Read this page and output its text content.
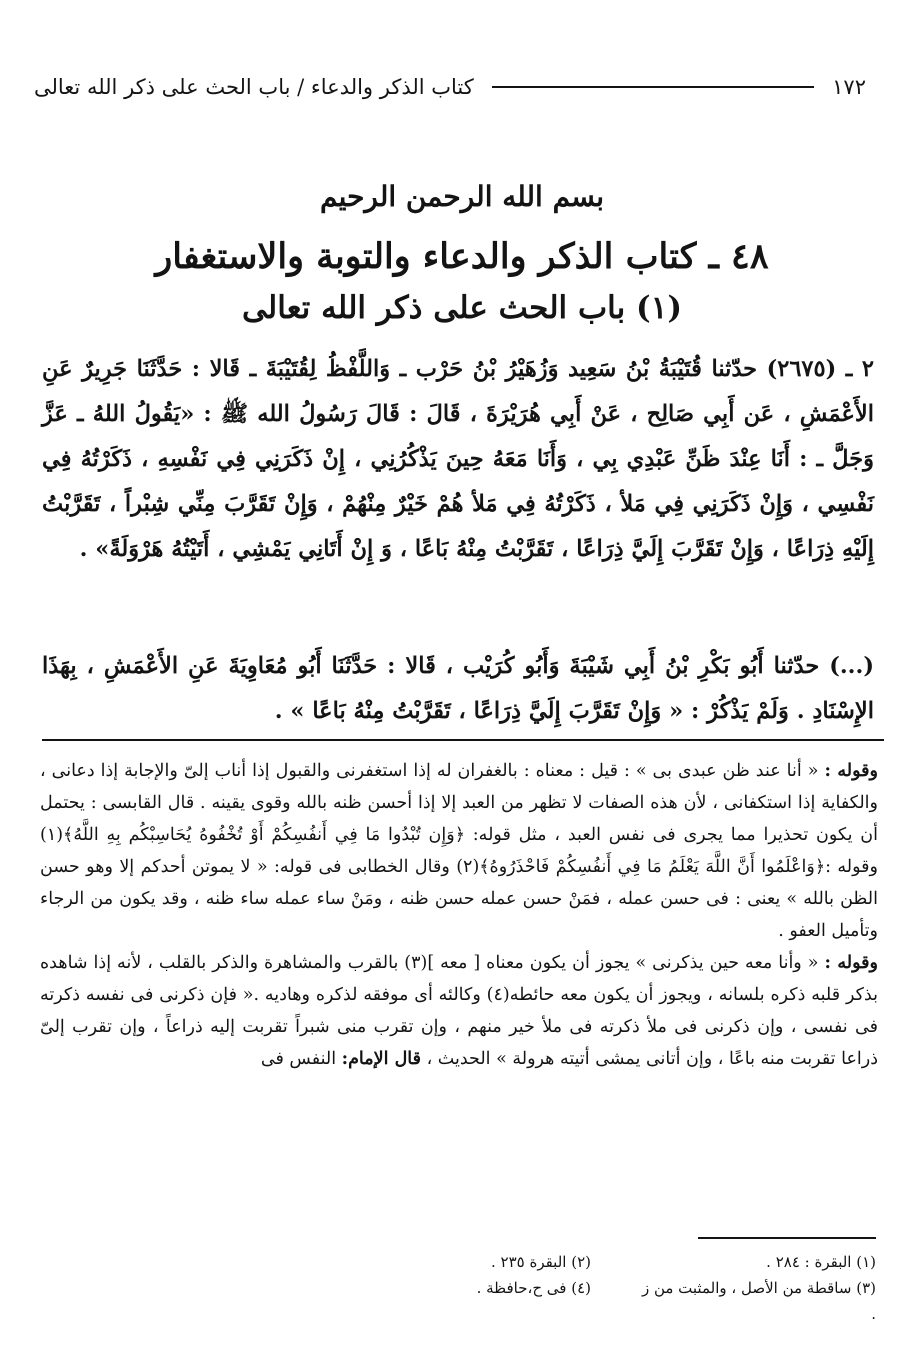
١٧٢
كتاب الذكر والدعاء / باب الحث على ذكر الله تعالى
بسم الله الرحمن الرحيم
٤٨ ـ كتاب الذكر والدعاء والتوبة والاستغفار
(١) باب الحث على ذكر الله تعالى

٢ ـ (٢٦٧٥) حدّثنا قُتَيْبَةُ بْنُ سَعِيد وَزُهَيْرُ بْنُ حَرْب ـ وَاللَّفْظُ لِقُتَيْبَةَ ـ قَالا : حَدَّثَنَا جَرِيرٌ عَنِ الأَعْمَشِ ، عَن أَبِي صَالِح ، عَنْ أَبِي هُرَيْرَةَ ، قَالَ : قَالَ رَسُولُ الله ﷺ : «يَقُولُ اللهُ ـ عَزَّ وَجَلَّ ـ : أَنَا عِنْدَ ظَنِّ عَبْدِي بِي ، وَأَنَا مَعَهُ حِينَ يَذْكُرُنِي ، إِنْ ذَكَرَنِي فِي نَفْسِهِ ، ذَكَرْتُهُ فِي نَفْسِي ، وَإِنْ ذَكَرَنِي فِي مَلأ ، ذَكَرْتُهُ فِي مَلأ هُمْ خَيْرٌ مِنْهُمْ ، وَإِنْ تَقَرَّبَ مِنِّي شِبْراً ، تَقَرَّبْتُ إِلَيْهِ ذِرَاعًا ، وَإِنْ تَقَرَّبَ إِلَيَّ ذِرَاعًا ، تَقَرَّبْتُ مِنْهُ بَاعًا ، وَ إِنْ أَتَانِي يَمْشِي ، أَتَيْتُهُ هَرْوَلَةً» .

(...) حدّثنا أَبُو بَكْرِ بْنُ أَبِي شَيْبَةَ وَأَبُو كُرَيْب ، قَالا : حَدَّثَنَا أَبُو مُعَاوِيَةَ عَنِ الأَعْمَشِ ، بِهَذَا الإِسْنَادِ . وَلَمْ يَذْكُرْ : « وَإِنْ تَقَرَّبَ إِلَيَّ ذِرَاعًا ، تَقَرَّبْتُ مِنْهُ بَاعًا » .

وقوله : « أنا عند ظن عبدى بى » : قيل : معناه : بالغفران له إذا استغفرنى والقبول إذا أناب إلىّ والإجابة إذا دعانى ، والكفاية إذا استكفانى ، لأن هذه الصفات لا تظهر من العبد إلا إذا أحسن ظنه بالله وقوى يقينه . قال القابسى : يحتمل أن يكون تحذيرا مما يجرى فى نفس العبد ، مثل قوله: ﴿وَإِن تُبْدُوا مَا فِي أَنفُسِكُمْ أَوْ تُخْفُوهُ يُحَاسِبْكُم بِهِ اللَّهُ﴾(١) وقوله :﴿وَاعْلَمُوا أَنَّ اللَّهَ يَعْلَمُ مَا فِي أَنفُسِكُمْ فَاحْذَرُوهُ﴾(٢) وقال الخطابى فى قوله: « لا يموتن أحدكم إلا وهو حسن الظن بالله » يعنى : فى حسن عمله ، فمَنْ حسن عمله حسن ظنه ، ومَنْ ساء عمله ساء ظنه ، وقد يكون من الرجاء وتأميل العفو .

وقوله : « وأنا معه حين يذكرنى » يجوز أن يكون معناه [ معه ](٣) بالقرب والمشاهرة والذكر بالقلب ، لأنه إذا شاهده بذكر قلبه ذكره بلسانه ، ويجوز أن يكون معه حائطه(٤) وكالئه أى موفقه لذكره وهاديه .« فإن ذكرنى فى نفسه ذكرته فى نفسى ، وإن ذكرنى فى ملأ ذكرته فى ملأ خير منهم ، وإن تقرب منى شبراً تقربت إليه ذراعاً ، وإن تقرب إلىّ ذراعا تقربت منه باعًا ، وإن أتانى يمشى أتيته هرولة » الحديث ، قال الإمام: النفس فى

(١) البقرة : ٢٨٤ .
(٢) البقرة ٢٣٥ .
(٣) ساقطة من الأصل ، والمثبت من ز .
(٤) فى ح،حافظة .
